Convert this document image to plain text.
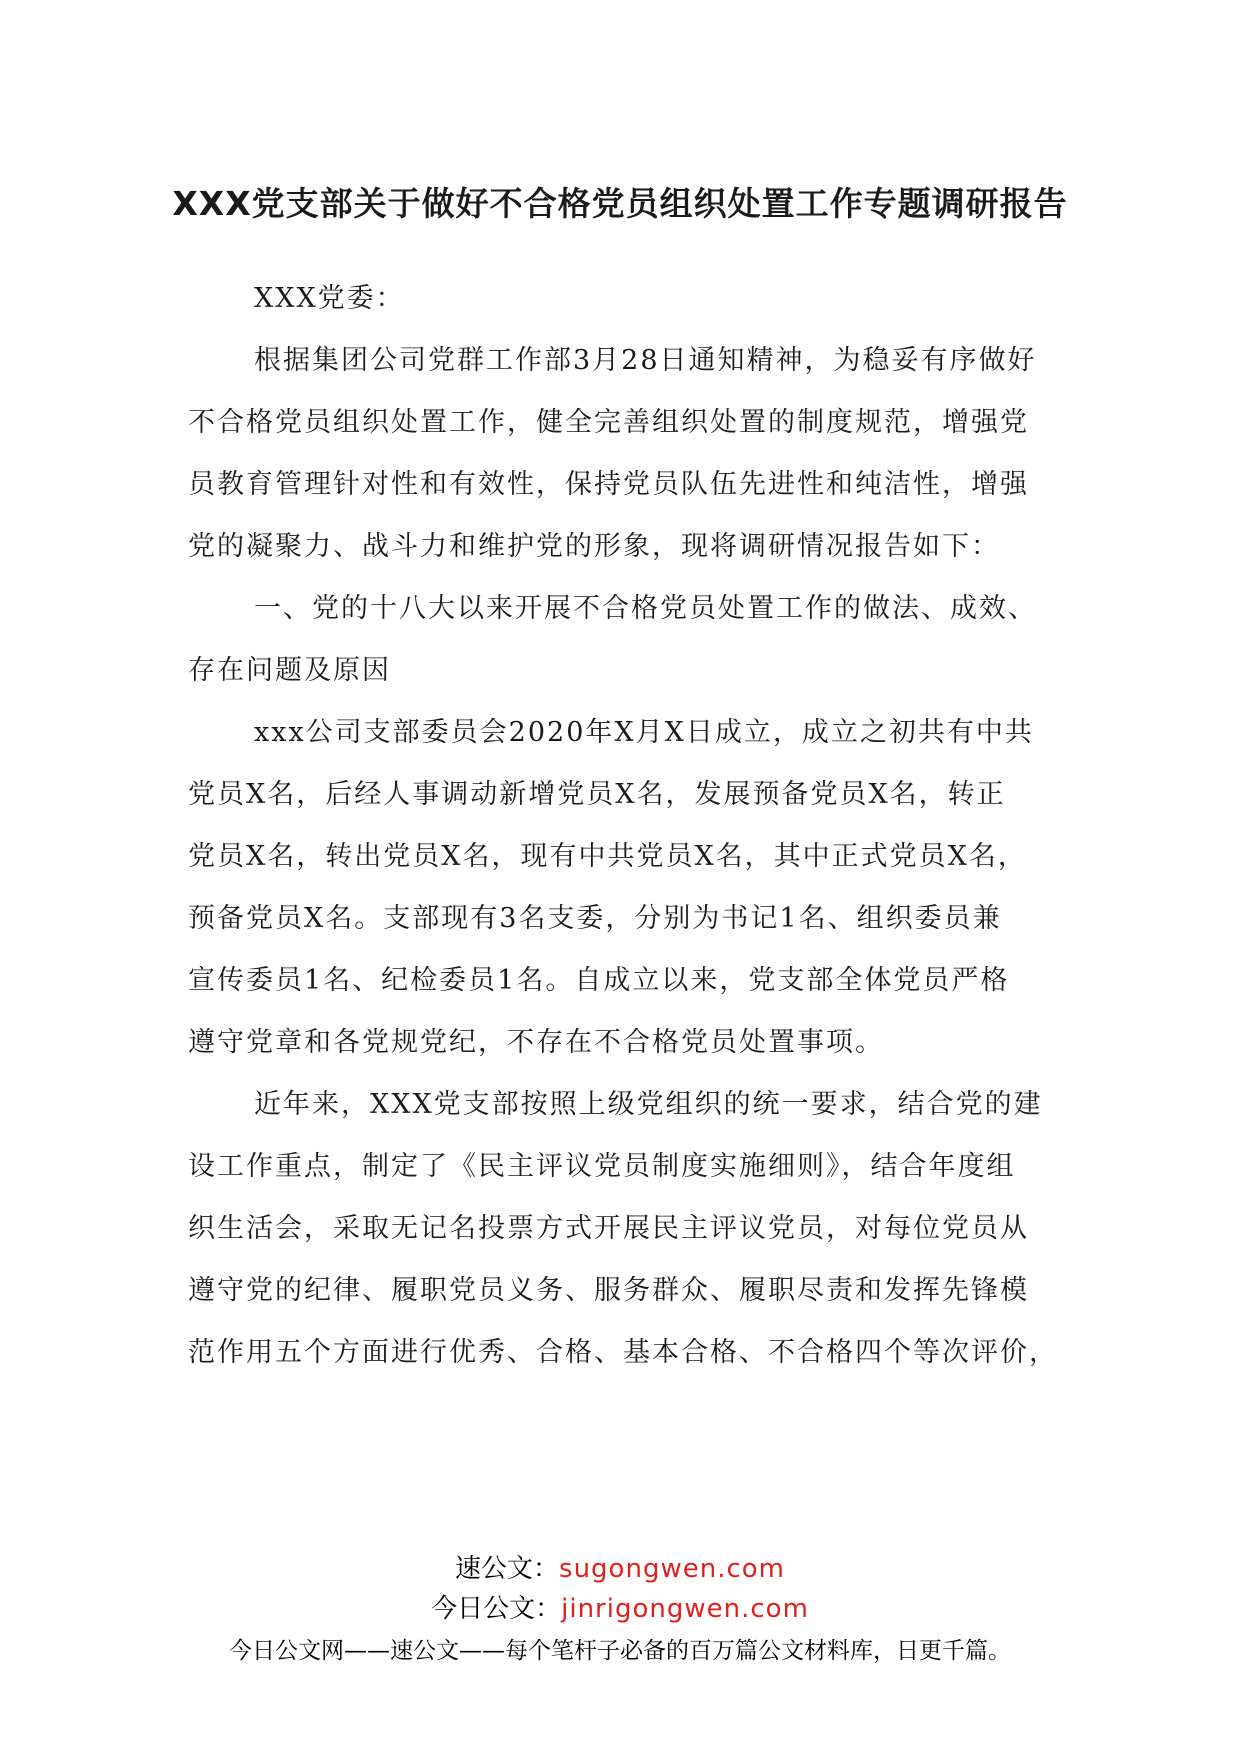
XXX党支部关于做好不合格党员组织处置工作专题调研报告
XXX党委：
根据集团公司党群工作部3月28日通知精神，为稳妥有序做好
不合格党员组织处置工作，健全完善组织处置的制度规范，增强党
员教育管理针对性和有效性，保持党员队伍先进性和纯洁性，增强
党的凝聚力、战斗力和维护党的形象，现将调研情况报告如下：
一、党的十八大以来开展不合格党员处置工作的做法、成效、
存在问题及原因
xxx公司支部委员会2020年X月X日成立，成立之初共有中共
党员X名，后经人事调动新增党员X名，发展预备党员X名，转正
党员X名，转出党员X名，现有中共党员X名，其中正式党员X名，
预备党员X名。支部现有3名支委，分别为书记1名、组织委员兼
宣传委员1名、纪检委员1名。自成立以来，党支部全体党员严格
遵守党章和各党规党纪，不存在不合格党员处置事项。
近年来，XXX党支部按照上级党组织的统一要求，结合党的建
设工作重点，制定了《民主评议党员制度实施细则》，结合年度组
织生活会，采取无记名投票方式开展民主评议党员，对每位党员从
遵守党的纪律、履职党员义务、服务群众、履职尽责和发挥先锋模
范作用五个方面进行优秀、合格、基本合格、不合格四个等次评价，
速公文：sugongwen.com
今日公文：jinrigongwen.com
今日公文网——速公文——每个笔杆子必备的百万篇公文材料库，日更千篇。
